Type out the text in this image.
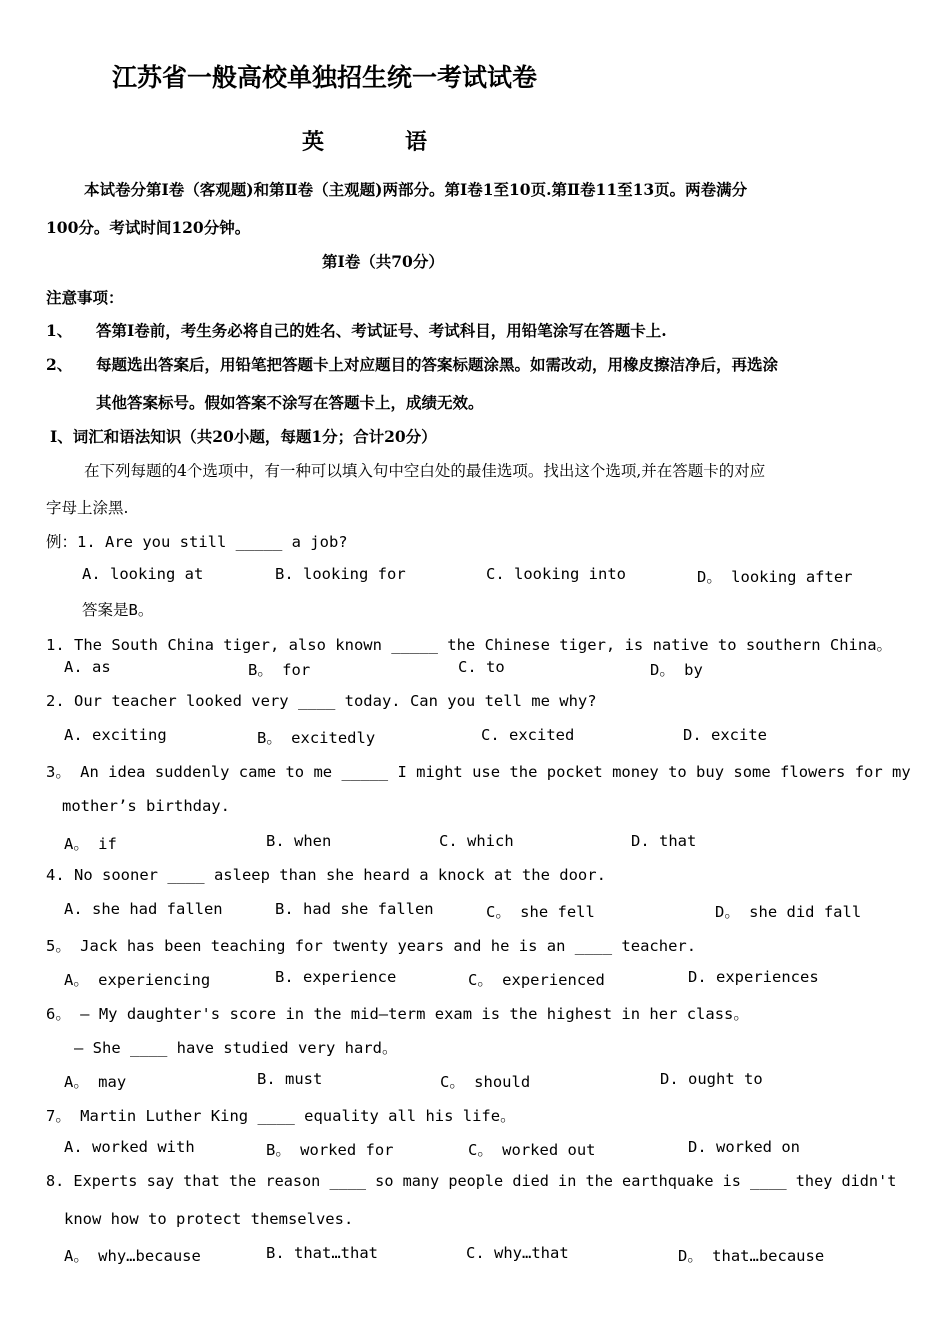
江苏省一般高校单独招生统一考试试卷
英	语
本试卷分第Ⅰ卷（客观题)和第Ⅱ卷（主观题)两部分。第Ⅰ卷1至10页.第Ⅱ卷11至13页。两卷满分
100分。考试时间120分钟。
第Ⅰ卷（共70分）
注意事项：
1、 答第Ⅰ卷前，考生务必将自己的姓名、考试证号、考试科目，用铅笔涂写在答题卡上.
2、 每题选出答案后，用铅笔把答题卡上对应题目的答案标题涂黑。如需改动，用橡皮擦洁净后，再选涂
其他答案标号。假如答案不涂写在答题卡上，成绩无效。
Ⅰ、词汇和语法知识（共20小题，每题1分；合计20分）
在下列每题的4个选项中，有一种可以填入句中空白处的最佳选项。找出这个选项,并在答题卡的对应
字母上涂黑.
例：1. Are you still _____ a job?
A. looking at	B. looking for	C. looking into	D。 looking after
答案是B。
1. The South China tiger, also known _____ the Chinese tiger, is native to southern China。
A. as	B。 for	C. to	D。 by
2. Our teacher looked very ____ today. Can you tell me why?
A. exciting	B。 excitedly	C. excited	D. excite
3。 An idea suddenly came to me _____ I might use the pocket money to buy some flowers for my
mother’s birthday.
A。 if	B. when	C. which	D. that
4. No sooner ____ asleep than she heard a knock at the door.
A. she had fallen	B. had she fallen	C。 she fell	D。 she did fall
5。 Jack has been teaching for twenty years and he is an ____ teacher.
A。 experiencing	B. experience	C。 experienced	D. experiences
6。 — My daughter's score in the mid—term exam is the highest in her class。
— She ____ have studied very hard。
A。 may	B. must	C。 should	D. ought to
7。 Martin Luther King ____ equality all his life。
A. worked with	B。 worked for	C。 worked out	D. worked on
8. Experts say that the reason ____ so many people died in the earthquake is ____ they didn't
know how to protect themselves.
A。 why…because	B. that…that	C. why…that	D。 that…because
